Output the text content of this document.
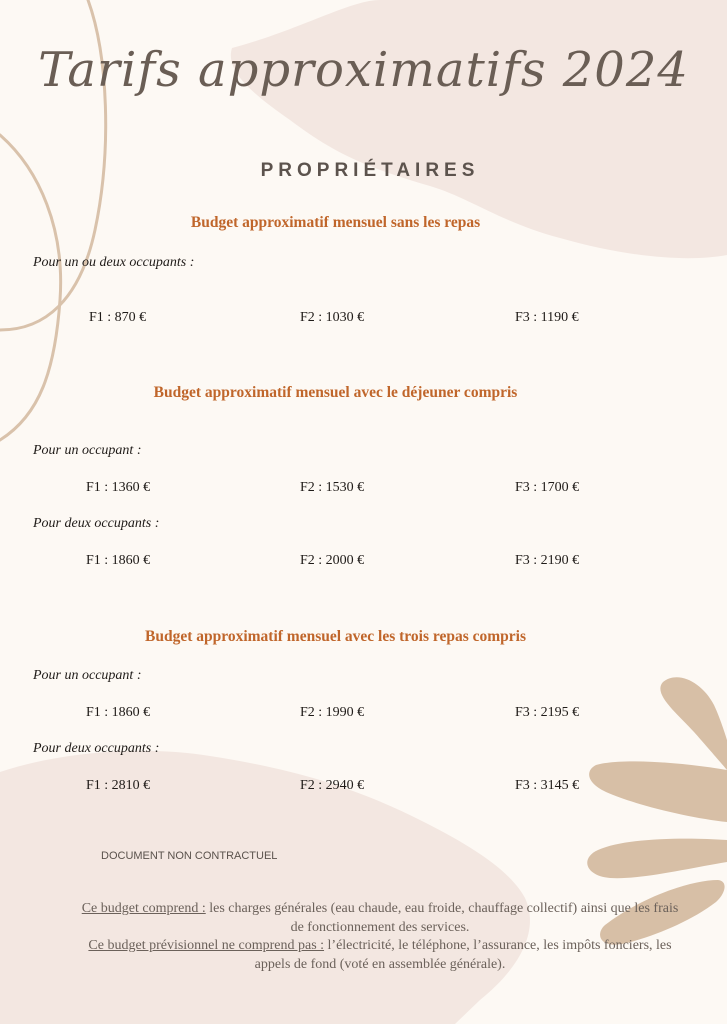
Tarifs approximatifs 2024
PROPRIÉTAIRES
Budget approximatif mensuel sans les repas
Pour un ou deux occupants :
F1 : 870 €	F2 : 1030 €	F3 : 1190 €
Budget approximatif mensuel avec le déjeuner compris
Pour un occupant :
F1 : 1360 €	F2 : 1530 €	F3 : 1700 €
Pour deux occupants :
F1 : 1860 €	F2 : 2000 €	F3 : 2190 €
Budget approximatif mensuel avec les trois repas compris
Pour un occupant :
F1 : 1860 €	F2 : 1990 €	F3 : 2195 €
Pour deux occupants :
F1 : 2810 €	F2 : 2940 €	F3 : 3145 €
DOCUMENT NON CONTRACTUEL
Ce budget comprend : les charges générales (eau chaude, eau froide, chauffage collectif) ainsi que les frais de fonctionnement des services.
Ce budget prévisionnel ne comprend pas : l’électricité, le téléphone, l’assurance, les impôts fonciers, les appels de fond (voté en assemblée générale).
